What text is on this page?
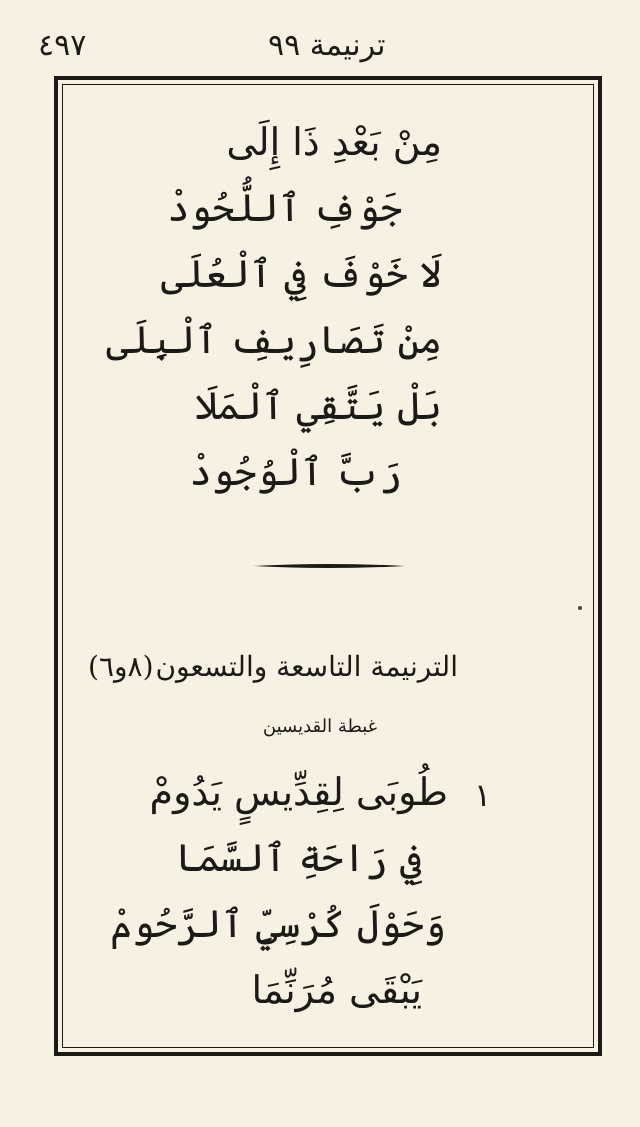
٤٩٧	ترنيمة ٩٩
مِنْ بَعْدِ ذَا إِلَى
جَوْفِ ٱللُّحُودْ
لَا خَوْفَ فِي ٱلْعُلَى
مِنْ تَصَارِيفِ ٱلْبِلَى
بَلْ يَتَّقِي ٱلْمَلَا
رَبَّ ٱلْوُجُودْ
الترنيمة التاسعة والتسعون
(٨و٦)
غبطة القديسين
١
طُوبَى لِقِدِّيسٍ يَدُومْ
فِي رَاحَةِ ٱلسَّمَا
وَحَوْلَ كُرْسِيِّ ٱلرَّحُومْ
يَبْقَى مُرَنِّمَا
